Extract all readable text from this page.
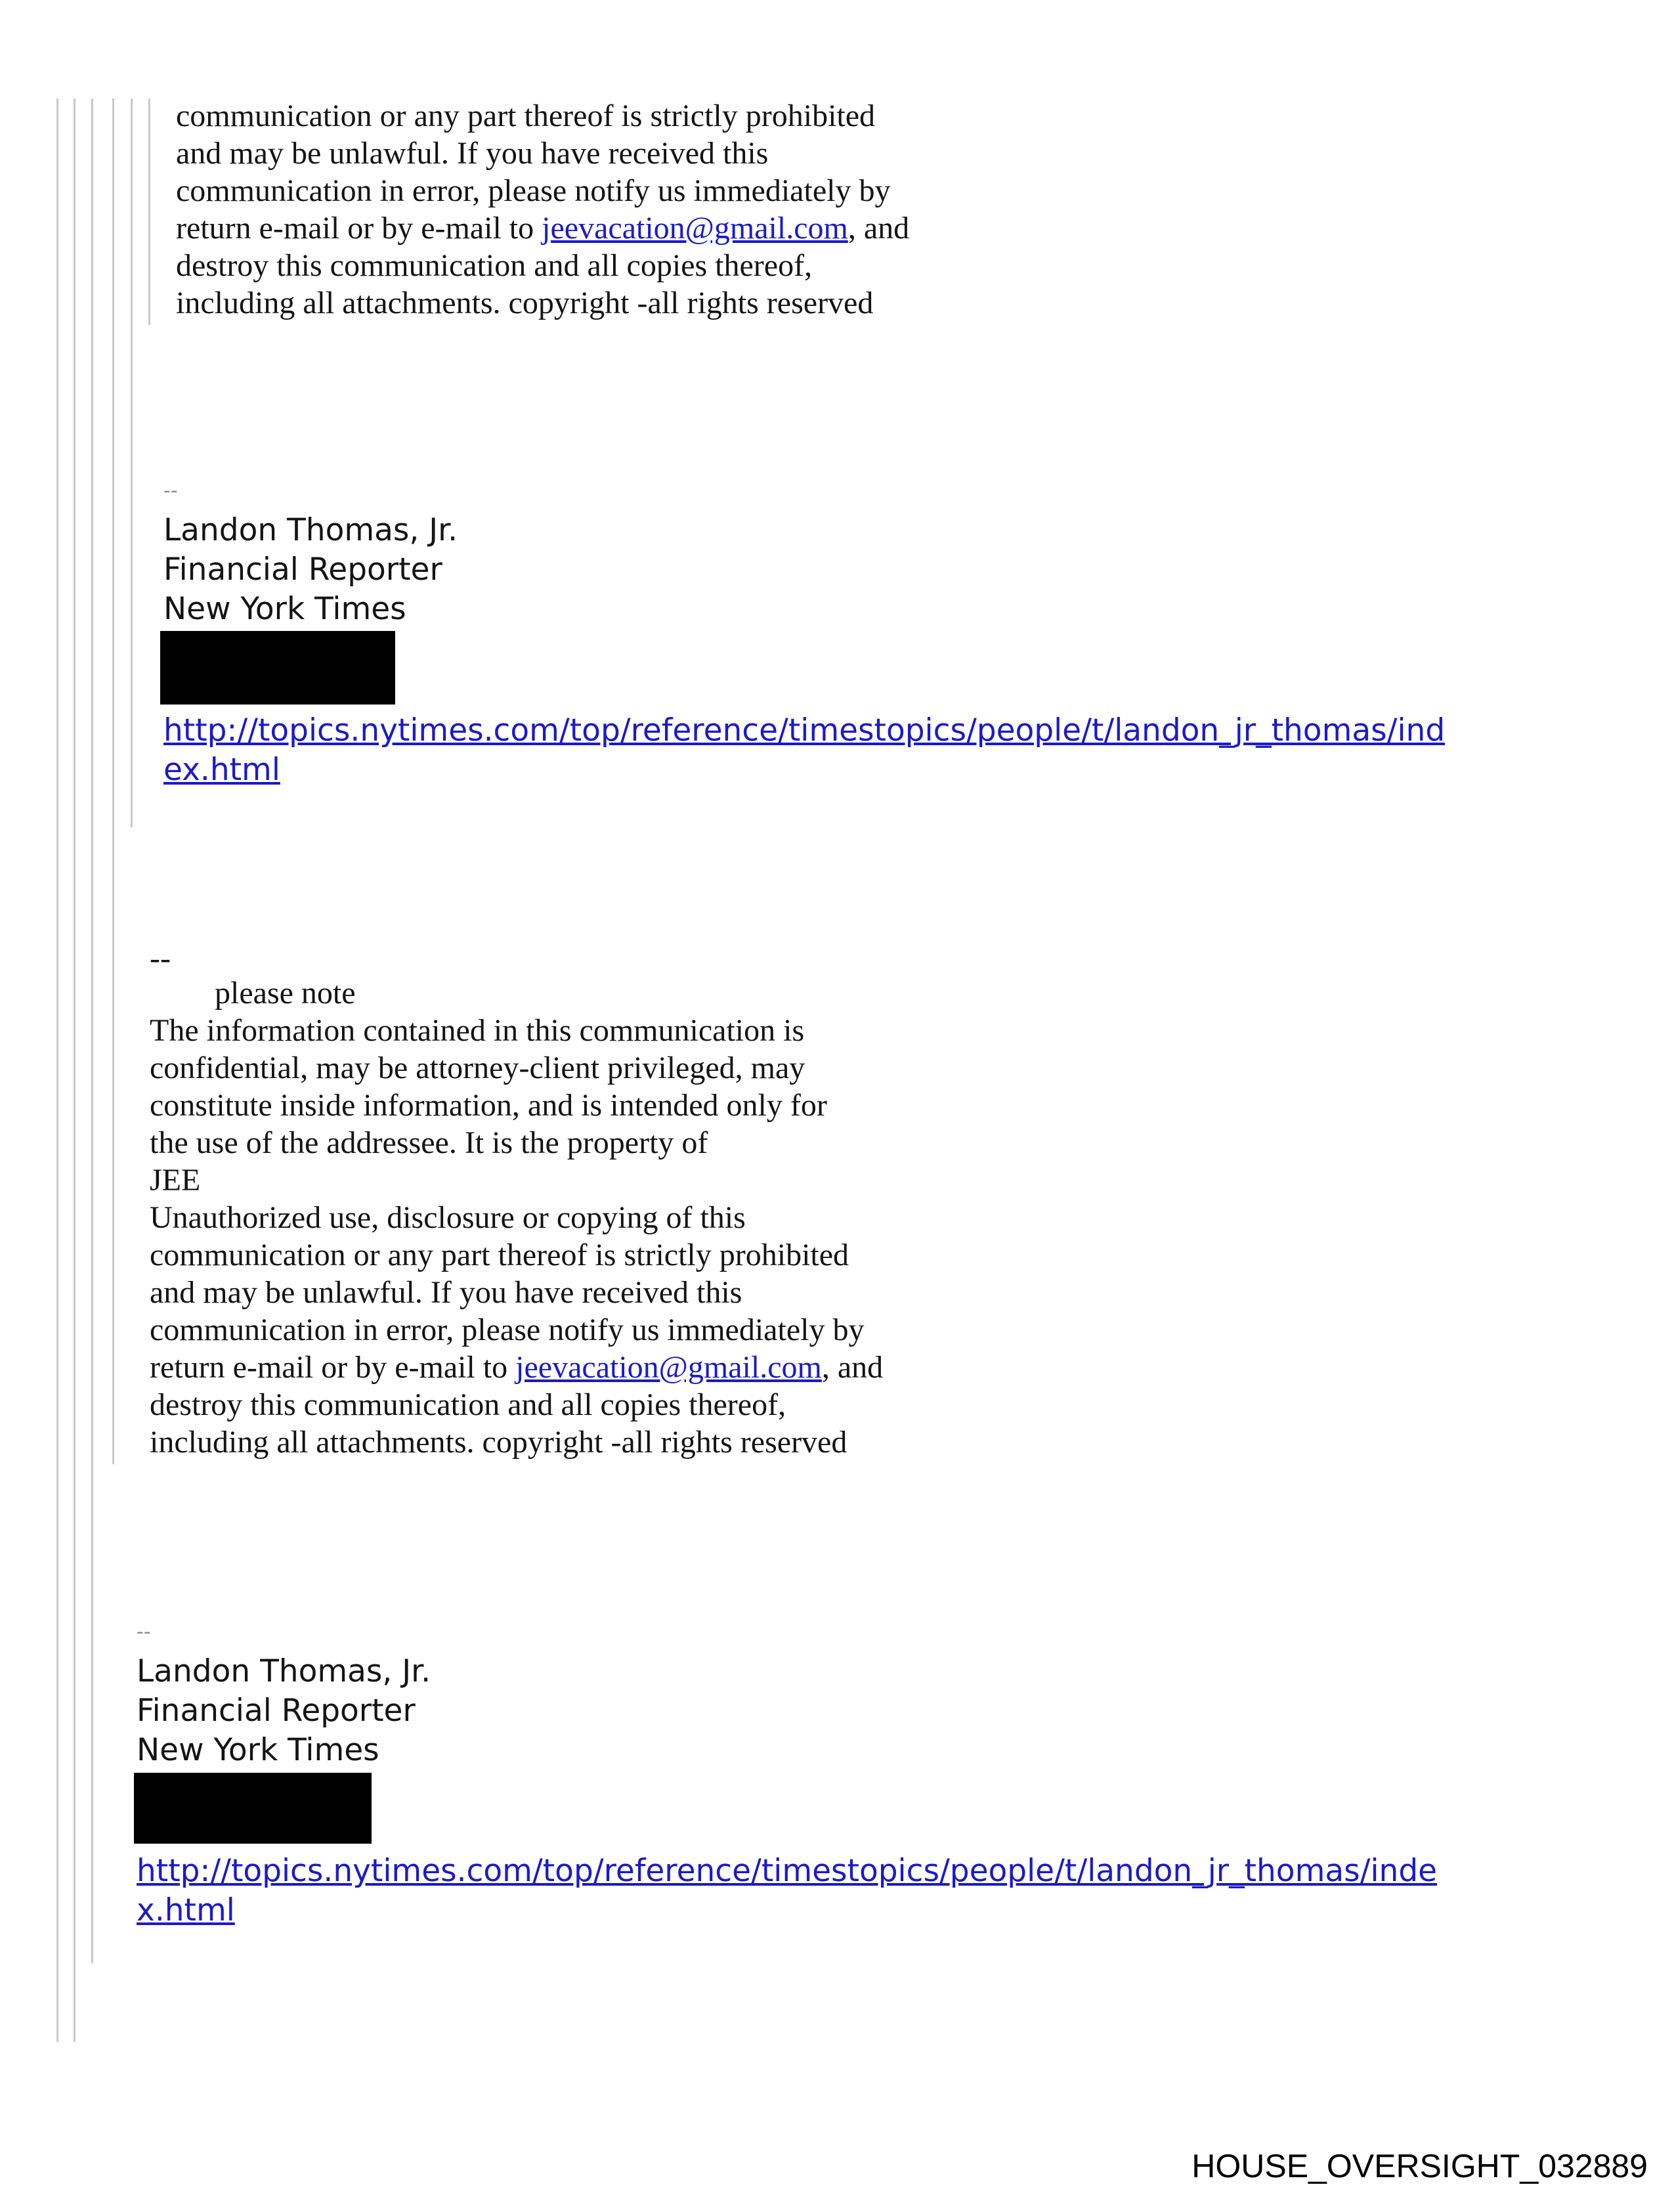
communication or any part thereof is strictly prohibited
and may be unlawful. If you have received this
communication in error, please notify us immediately by
return e-mail or by e-mail to jeevacation@gmail.com, and
destroy this communication and all copies thereof,
including all attachments. copyright -all rights reserved
--
Landon Thomas, Jr.
Financial Reporter
New York Times
http://topics.nytimes.com/top/reference/timestopics/people/t/landon_jr_thomas/ind
ex.html
--
please note
The information contained in this communication is
confidential, may be attorney-client privileged, may
constitute inside information, and is intended only for
the use of the addressee. It is the property of
JEE
Unauthorized use, disclosure or copying of this
communication or any part thereof is strictly prohibited
and may be unlawful. If you have received this
communication in error, please notify us immediately by
return e-mail or by e-mail to jeevacation@gmail.com, and
destroy this communication and all copies thereof,
including all attachments. copyright -all rights reserved
--
Landon Thomas, Jr.
Financial Reporter
New York Times
http://topics.nytimes.com/top/reference/timestopics/people/t/landon_jr_thomas/inde
x.html
HOUSE_OVERSIGHT_032889
